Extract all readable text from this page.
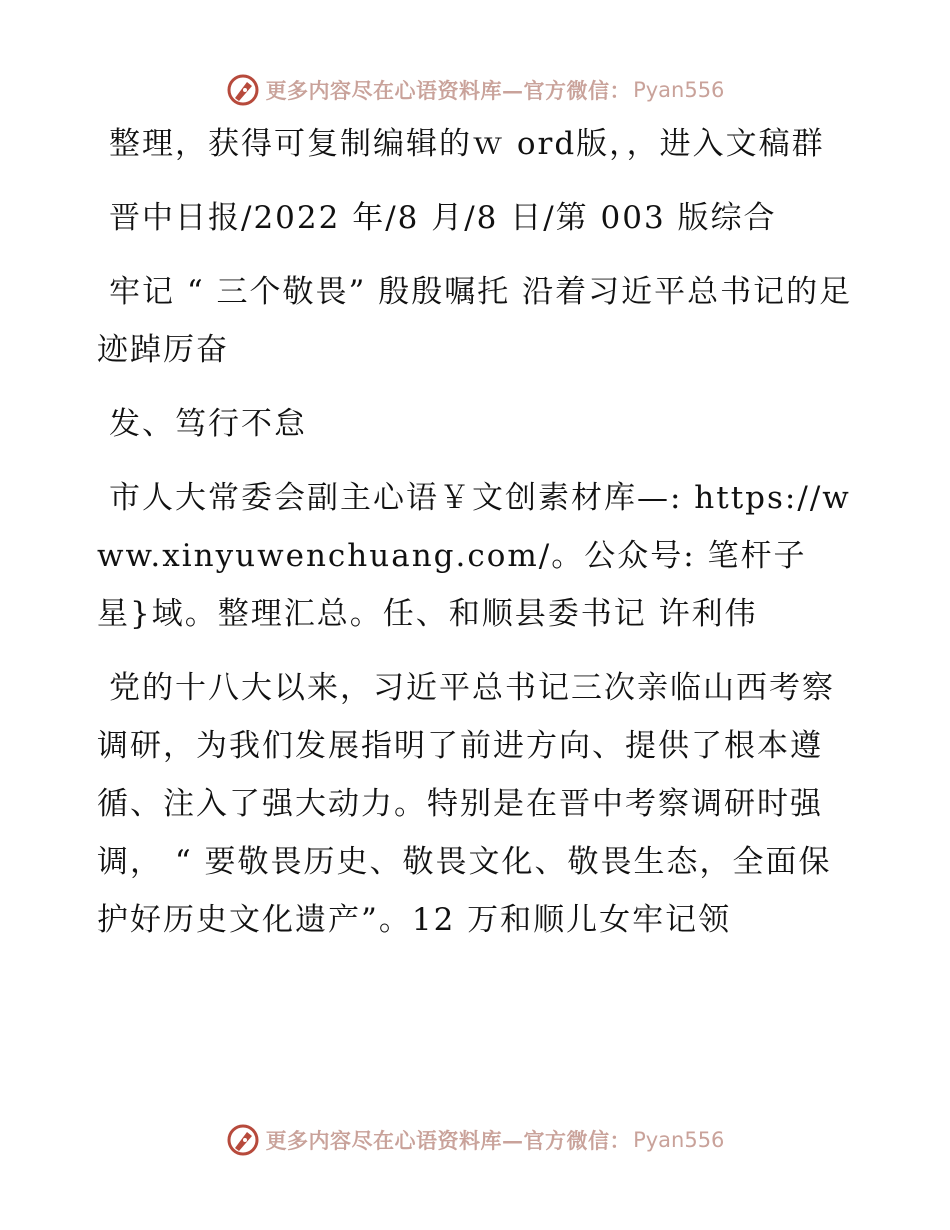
更多内容尽在心语资料库—官方微信： Pyan556

整理，获得可复制编辑的ｗ ord版，，进入文稿群

晋中日报/2022 年/8 月/8 日/第 003 版综合

牢记 “ 三个敬畏” 殷殷嘱托 沿着习近平总书记的足迹踔厉奋

发、笃行不怠

市人大常委会副主心语￥文创素材库—: https://www.xinyuwenchuang.com/。公众号: 笔杆子星}域。整理汇总。任、和顺县委书记 许利伟

党的十八大以来，习近平总书记三次亲临山西考察调研，为我们发展指明了前进方向、提供了根本遵循、注入了强大动力。特别是在晋中考察调研时强调， “ 要敬畏历史、敬畏文化、敬畏生态，全面保护好历史文化遗产”。12 万和顺儿女牢记领

更多内容尽在心语资料库—官方微信： Pyan556
